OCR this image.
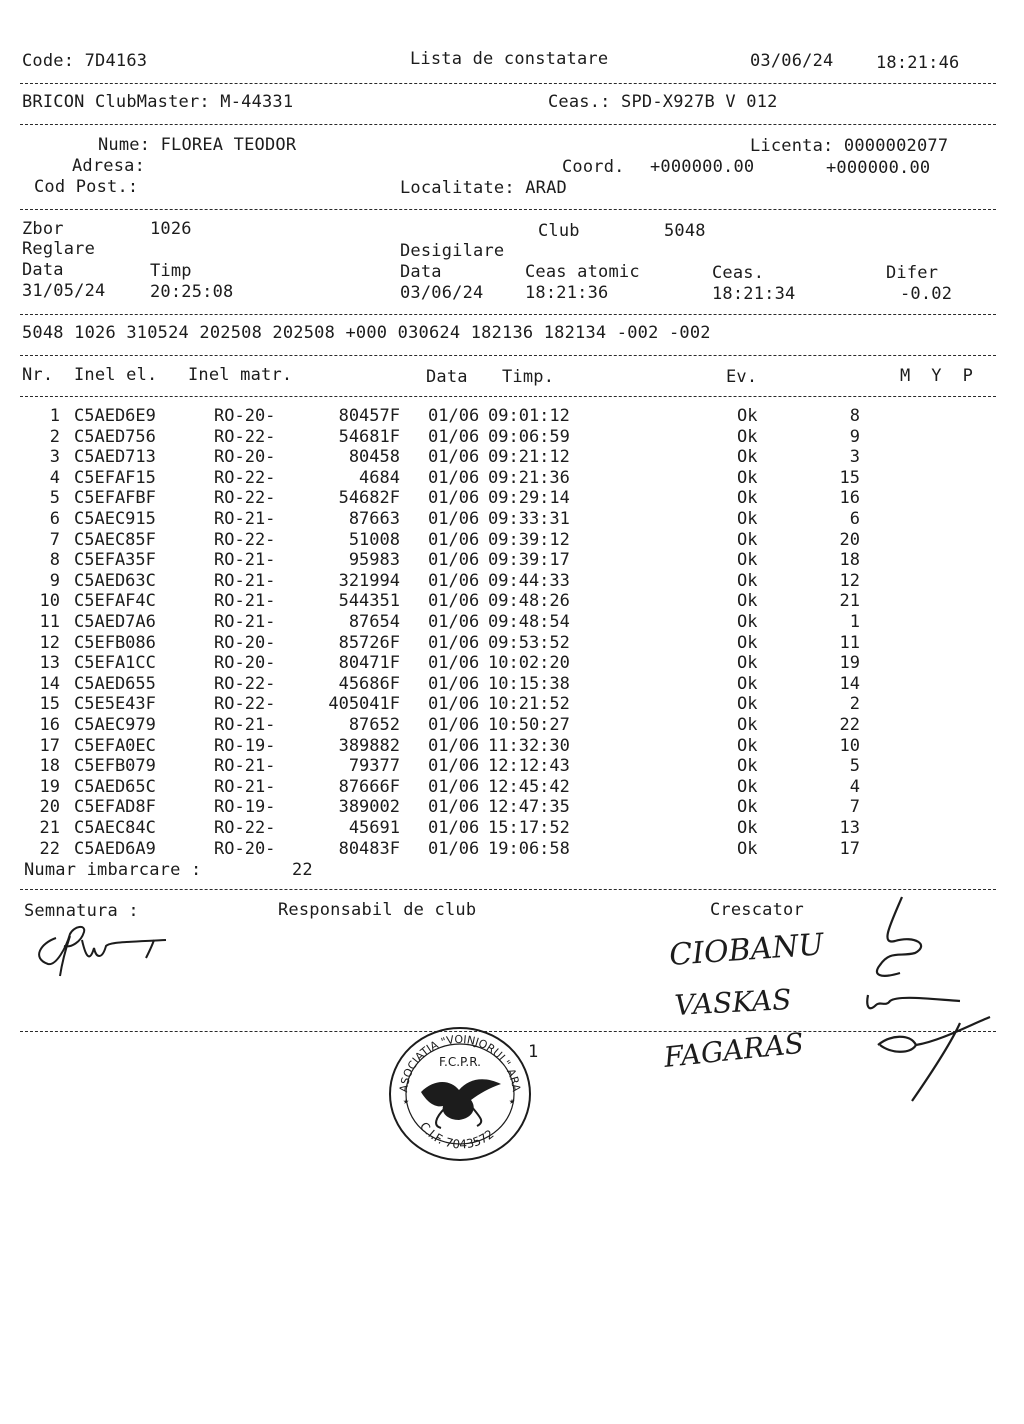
Code: 7D4163	Lista de constatare	03/06/24	18:21:46
BRICON ClubMaster: M-44331	Ceas.: SPD-X927B V 012
Nume: FLOREA TEODOR	Licenta: 0000002077
Adresa:	Coord. +000000.00	+000000.00
Cod Post.:	Localitate: ARAD
Zbor	1026	Club	5048
Reglare	Desigilare
Data	Timp	Data	Ceas atomic	Ceas.	Difer
31/05/24	20:25:08	03/06/24 18:21:36	18:21:34	-0.02
5048 1026 310524 202508 202508 +000 030624 182136 182134 -002 -002
Nr. Inel el. Inel matr.	Data Timp.	Ev.	M  Y  P
1 C5AED6E9	RO-20-	80457F 01/06 09:01:12	Ok	8
2 C5AED756	RO-22-	54681F 01/06 09:06:59	Ok	9
3 C5AED713	RO-20-	80458 01/06 09:21:12	Ok	3
4 C5EFAF15	RO-22-	4684 01/06 09:21:36	Ok	15
5 C5EFAFBF	RO-22-	54682F 01/06 09:29:14	Ok	16
6 C5AEC915	RO-21-	87663 01/06 09:33:31	Ok	6
7 C5AEC85F	RO-22-	51008 01/06 09:39:12	Ok	20
8 C5EFA35F	RO-21-	95983 01/06 09:39:17	Ok	18
9 C5AED63C	RO-21-	321994 01/06 09:44:33	Ok	12
10 C5EFAF4C	RO-21-	544351 01/06 09:48:26	Ok	21
11 C5AED7A6	RO-21-	87654 01/06 09:48:54	Ok	1
12 C5EFB086	RO-20-	85726F 01/06 09:53:52	Ok	11
13 C5EFA1CC	RO-20-	80471F 01/06 10:02:20	Ok	19
14 C5AED655	RO-22-	45686F 01/06 10:15:38	Ok	14
15 C5E5E43F	RO-22-	405041F 01/06 10:21:52	Ok	2
16 C5AEC979	RO-21-	87652 01/06 10:50:27	Ok	22
17 C5EFA0EC	RO-19-	389882 01/06 11:32:30	Ok	10
18 C5EFB079	RO-21-	79377 01/06 12:12:43	Ok	5
19 C5AED65C	RO-21-	87666F 01/06 12:45:42	Ok	4
20 C5EFAD8F	RO-19-	389002 01/06 12:47:35	Ok	7
21 C5AEC84C	RO-22-	45691 01/06 15:17:52	Ok	13
22 C5AED6A9	RO-20-	80483F 01/06 19:06:58	Ok	17
Numar imbarcare :	22
Semnatura :	Responsabil de club	Crescator
1
CIOBANU
VASKAS
FAGARAS
ASOCIATIA "VOINJORUL" ARAD
F.C.P.R.
★	★
C.I.F. 7043572
